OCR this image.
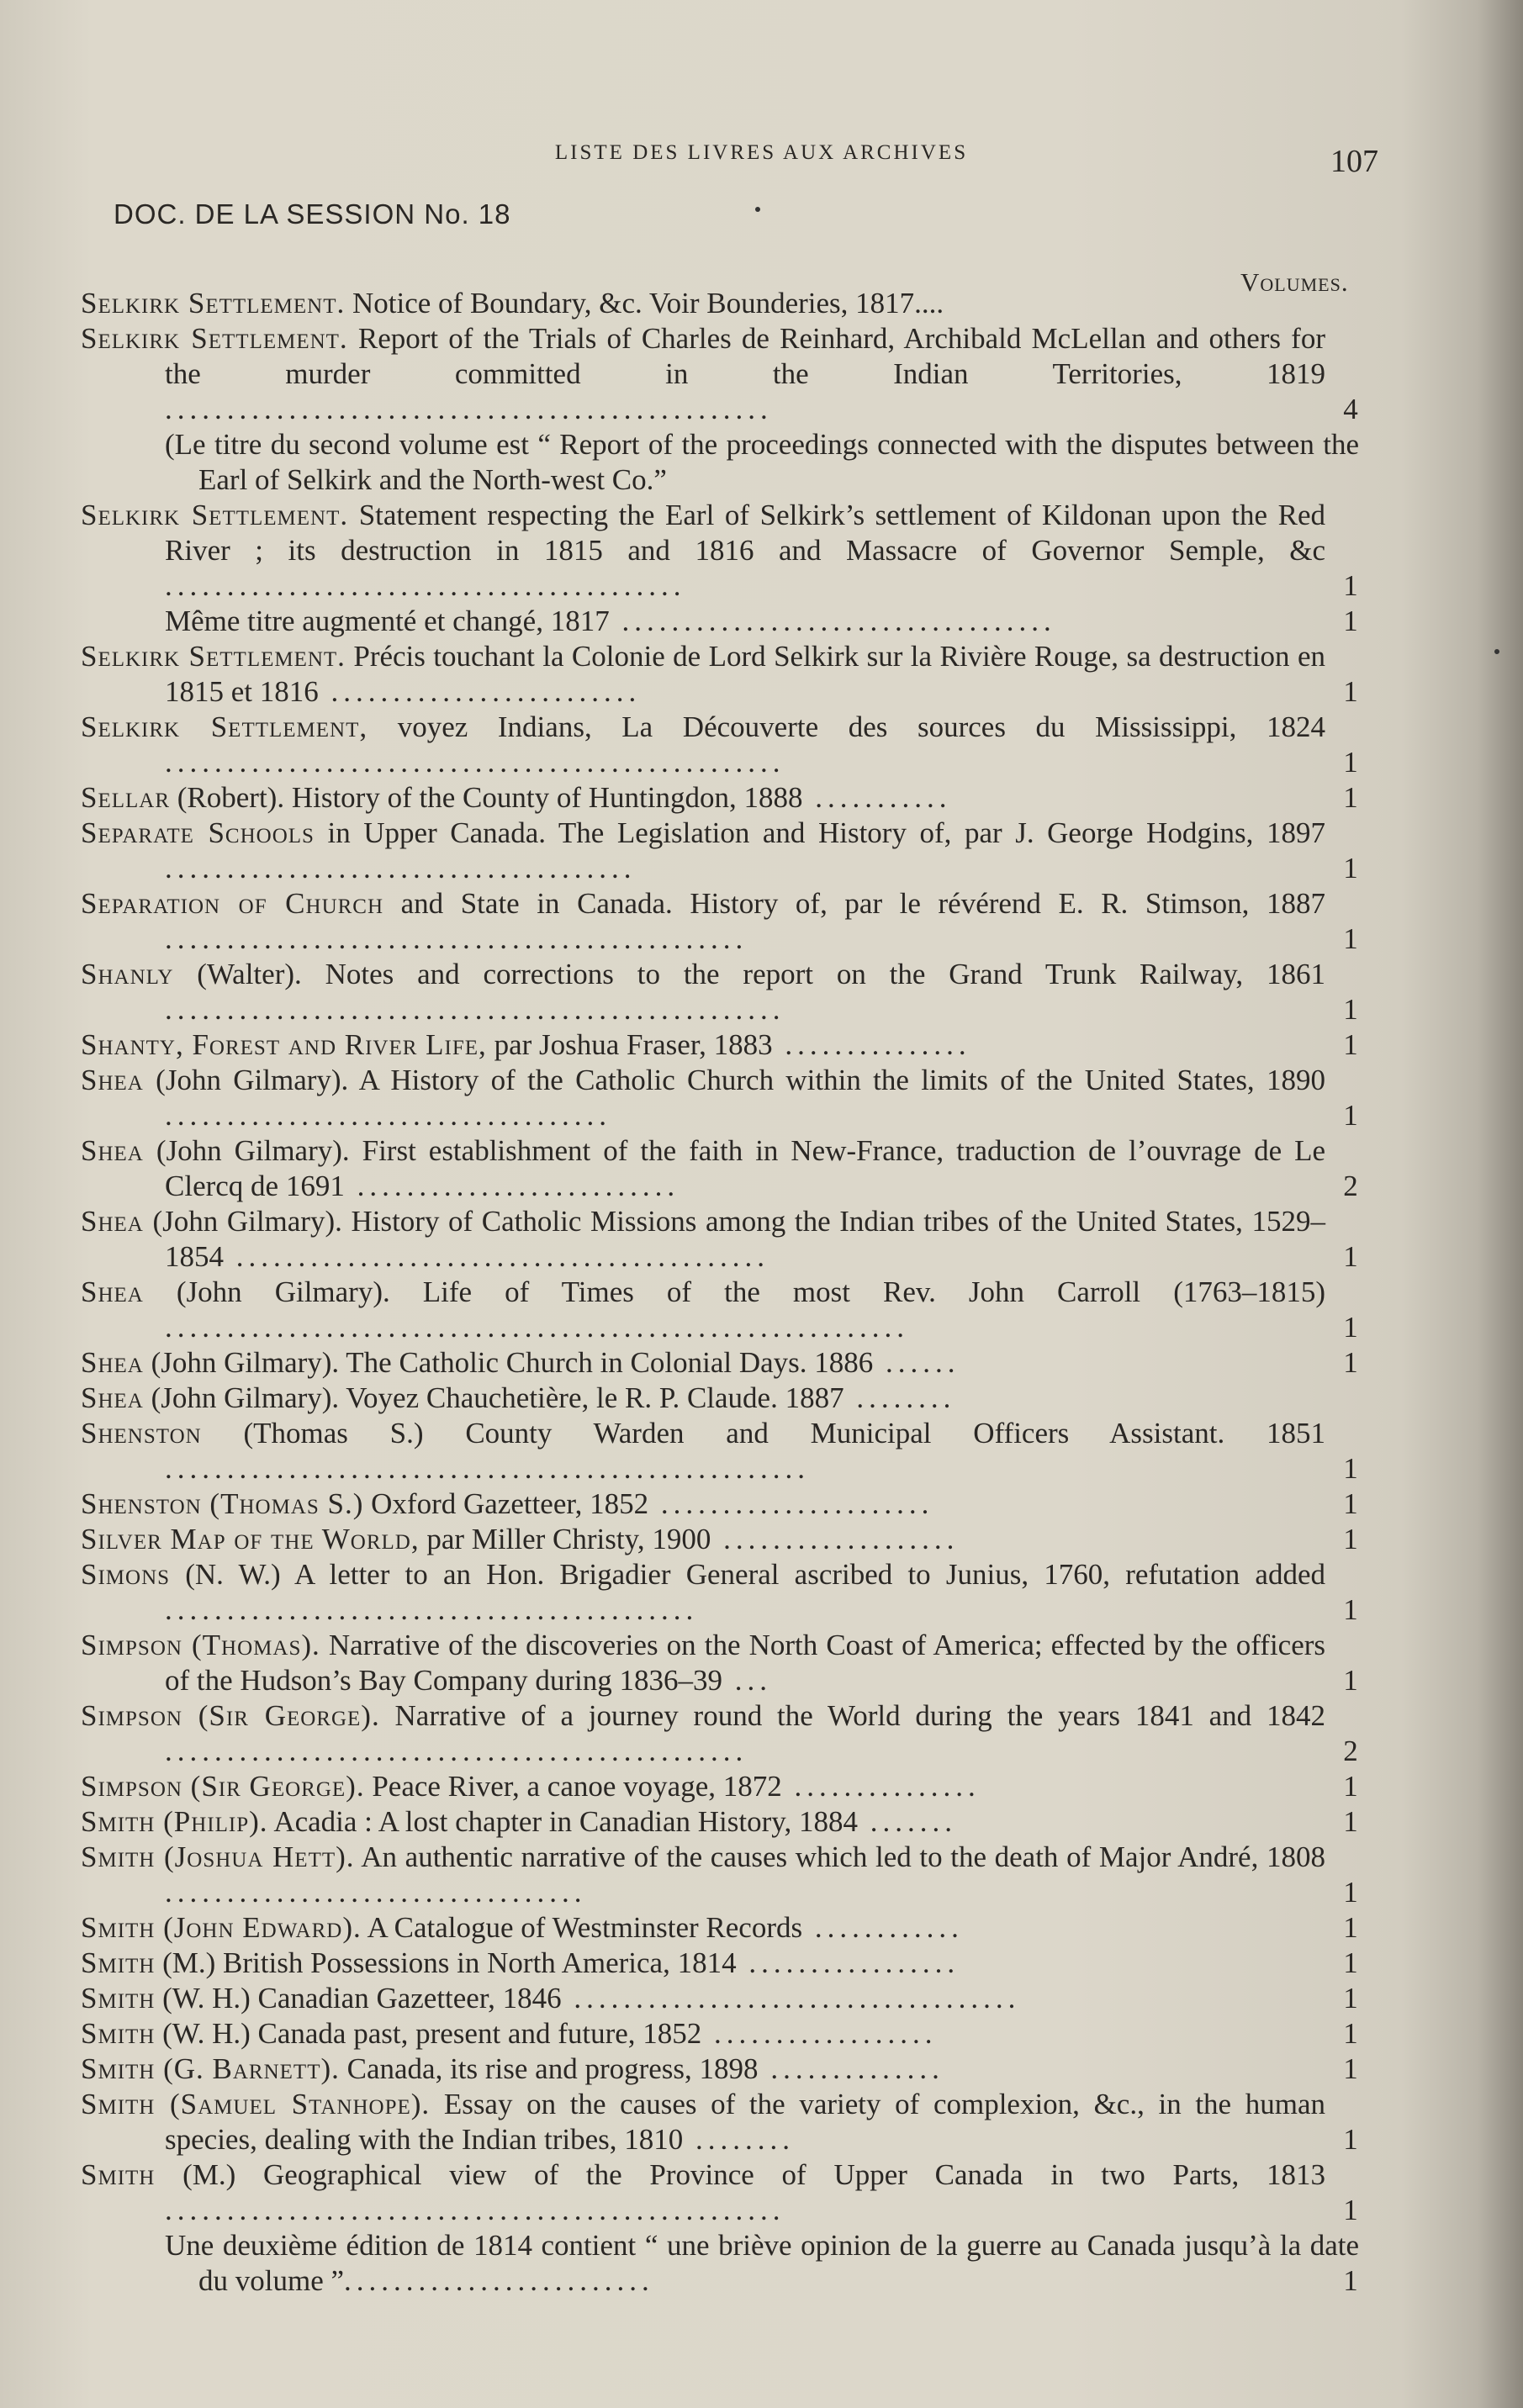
LISTE DES LIVRES AUX ARCHIVES	107
DOC. DE LA SESSION No. 18
Volumes.
Selkirk Settlement. Notice of Boundary, &c. Voir Bounderies, 1817....
Selkirk Settlement. Report of the Trials of Charles de Reinhard, Archibald McLellan and others for the murder committed in the Indian Territories, 1819 .................................................	4
(Le titre du second volume est “ Report of the proceedings connected with the disputes between the Earl of Selkirk and the North-west Co.”
Selkirk Settlement. Statement respecting the Earl of Selkirk’s settlement of Kildonan upon the Red River ; its destruction in 1815 and 1816 and Massacre of Governor Semple, &c ..........................................	1
Même titre augmenté et changé, 1817 ...................................	1
Selkirk Settlement. Précis touchant la Colonie de Lord Selkirk sur la Rivière Rouge, sa destruction en 1815 et 1816 .........................	1
Selkirk Settlement, voyez Indians, La Découverte des sources du Mississippi, 1824 ..................................................	1
Sellar (Robert). History of the County of Huntingdon, 1888 ...........	1
Separate Schools in Upper Canada. The Legislation and History of, par J. George Hodgins, 1897 ......................................	1
Separation of Church and State in Canada. History of, par le révérend E. R. Stimson, 1887 ...............................................	1
Shanly (Walter). Notes and corrections to the report on the Grand Trunk Railway, 1861 ..................................................	1
Shanty, Forest and River Life, par Joshua Fraser, 1883 ...............	1
Shea (John Gilmary). A History of the Catholic Church within the limits of the United States, 1890 ....................................	1
Shea (John Gilmary). First establishment of the faith in New-France, traduction de l’ouvrage de Le Clercq de 1691 ..........................	2
Shea (John Gilmary). History of Catholic Missions among the Indian tribes of the United States, 1529–1854 ...........................................	1
Shea (John Gilmary). Life of Times of the most Rev. John Carroll (1763–1815) ............................................................	1
Shea (John Gilmary). The Catholic Church in Colonial Days. 1886 ......	1
Shea (John Gilmary). Voyez Chauchetière, le R. P. Claude. 1887 ........
Shenston (Thomas S.) County Warden and Municipal Officers Assistant. 1851 ....................................................	1
Shenston (Thomas S.) Oxford Gazetteer, 1852 ......................	1
Silver Map of the World, par Miller Christy, 1900 ...................	1
Simons (N. W.) A letter to an Hon. Brigadier General ascribed to Junius, 1760, refutation added ...........................................	1
Simpson (Thomas). Narrative of the discoveries on the North Coast of America; effected by the officers of the Hudson’s Bay Company during 1836–39 ...	1
Simpson (Sir George). Narrative of a journey round the World during the years 1841 and 1842 ...............................................	2
Simpson (Sir George). Peace River, a canoe voyage, 1872 ...............	1
Smith (Philip). Acadia : A lost chapter in Canadian History, 1884 .......	1
Smith (Joshua Hett). An authentic narrative of the causes which led to the death of Major André, 1808 ..................................	1
Smith (John Edward). A Catalogue of Westminster Records ............	1
Smith (M.) British Possessions in North America, 1814 .................	1
Smith (W. H.) Canadian Gazetteer, 1846 ....................................	1
Smith (W. H.) Canada past, present and future, 1852 ..................	1
Smith (G. Barnett). Canada, its rise and progress, 1898 ..............	1
Smith (Samuel Stanhope). Essay on the causes of the variety of complexion, &c., in the human species, dealing with the Indian tribes, 1810 ........	1
Smith (M.) Geographical view of the Province of Upper Canada in two Parts, 1813 ..................................................	1
Une deuxième édition de 1814 contient “ une briève opinion de la guerre au Canada jusqu’à la date du volume ”.........................	1
